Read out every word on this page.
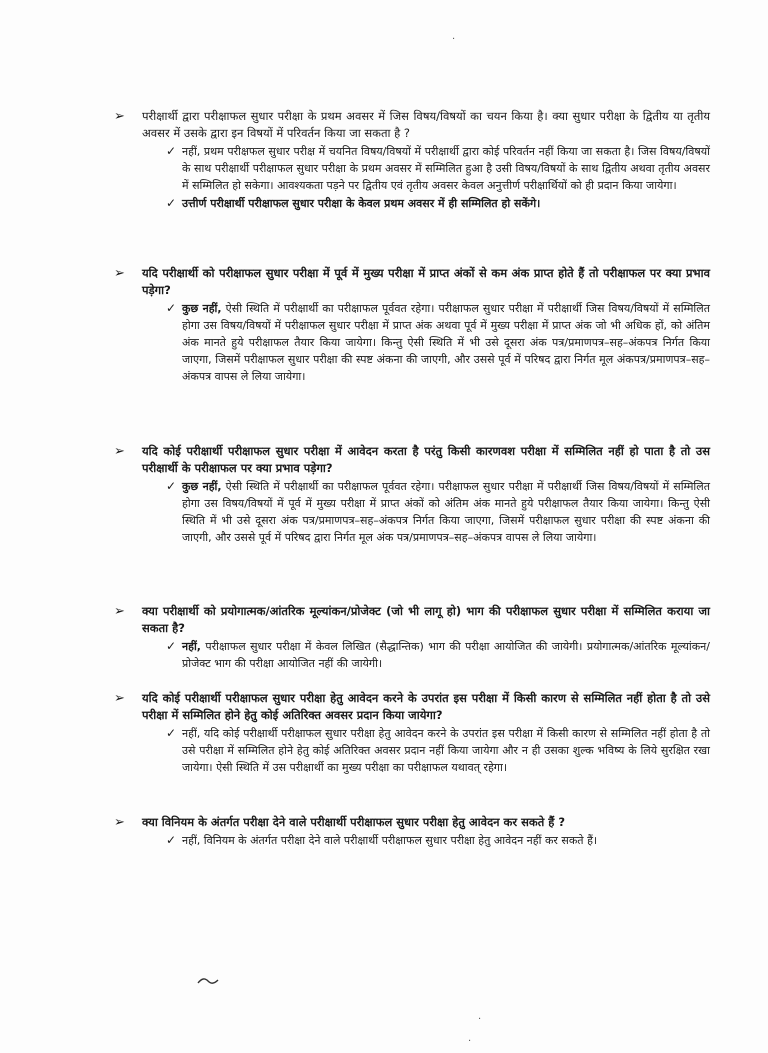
·
➢ परीक्षार्थी द्वारा परीक्षाफल सुधार परीक्षा के प्रथम अवसर में जिस विषय/विषयों का चयन किया है। क्या सुधार परीक्षा के द्वितीय या तृतीय अवसर में उसके द्वारा इन विषयों में परिवर्तन किया जा सकता है ?
✓ नहीं, प्रथम परीक्षफल सुधार परीक्ष में चयनित विषय/विषयों में परीक्षार्थी द्वारा कोई परिवर्तन नहीं किया जा सकता है। जिस विषय/विषयों के साथ परीक्षार्थी परीक्षाफल सुधार परीक्षा के प्रथम अवसर में सम्मिलित हुआ है उसी विषय/विषयों के साथ द्वितीय अथवा तृतीय अवसर में सम्मिलित हो सकेगा। आवश्यकता पड़ने पर द्वितीय एवं तृतीय अवसर केवल अनुत्तीर्ण परीक्षार्थियों को ही प्रदान किया जायेगा।
✓ उत्तीर्ण परीक्षार्थी परीक्षाफल सुधार परीक्षा के केवल प्रथम अवसर में ही सम्मिलित हो सकेंगे।
➢ यदि परीक्षार्थी को परीक्षाफल सुधार परीक्षा में पूर्व में मुख्य परीक्षा में प्राप्त अंकों से कम अंक प्राप्त होते हैं तो परीक्षाफल पर क्या प्रभाव पड़ेगा?
✓ कुछ नहीं, ऐसी स्थिति में परीक्षार्थी का परीक्षाफल पूर्ववत रहेगा। परीक्षाफल सुधार परीक्षा में परीक्षार्थी जिस विषय/विषयों में सम्मिलित होगा उस विषय/विषयों में परीक्षाफल सुधार परीक्षा में प्राप्त अंक अथवा पूर्व में मुख्य परीक्षा में प्राप्त अंक जो भी अधिक हों, को अंतिम अंक मानते हुये परीक्षाफल तैयार किया जायेगा। किन्तु ऐसी स्थिति में भी उसे दूसरा अंक पत्र/प्रमाणपत्र–सह–अंकपत्र निर्गत किया जाएगा, जिसमें परीक्षाफल सुधार परीक्षा की स्पष्ट अंकना की जाएगी, और उससे पूर्व में परिषद द्वारा निर्गत मूल अंकपत्र/प्रमाणपत्र–सह–अंकपत्र वापस ले लिया जायेगा।
➢ यदि कोई परीक्षार्थी परीक्षाफल सुधार परीक्षा में आवेदन करता है परंतु किसी कारणवश परीक्षा में सम्मिलित नहीं हो पाता है तो उस परीक्षार्थी के परीक्षाफल पर क्या प्रभाव पड़ेगा?
✓ कुछ नहीं, ऐसी स्थिति में परीक्षार्थी का परीक्षाफल पूर्ववत रहेगा। परीक्षाफल सुधार परीक्षा में परीक्षार्थी जिस विषय/विषयों में सम्मिलित होगा उस विषय/विषयों में पूर्व में मुख्य परीक्षा में प्राप्त अंकों को अंतिम अंक मानते हुये परीक्षाफल तैयार किया जायेगा। किन्तु ऐसी स्थिति में भी उसे दूसरा अंक पत्र/प्रमाणपत्र–सह–अंकपत्र निर्गत किया जाएगा, जिसमें परीक्षाफल सुधार परीक्षा की स्पष्ट अंकना की जाएगी, और उससे पूर्व में परिषद द्वारा निर्गत मूल अंक पत्र/प्रमाणपत्र–सह–अंकपत्र वापस ले लिया जायेगा।
➢ क्या परीक्षार्थी को प्रयोगात्मक/आंतरिक मूल्यांकन/प्रोजेक्ट (जो भी लागू हो) भाग की परीक्षाफल सुधार परीक्षा में सम्मिलित कराया जा सकता है?
✓ नहीं, परीक्षाफल सुधार परीक्षा में केवल लिखित (सैद्धान्तिक) भाग की परीक्षा आयोजित की जायेगी। प्रयोगात्मक/आंतरिक मूल्यांकन/प्रोजेक्ट भाग की परीक्षा आयोजित नहीं की जायेगी।
➢ यदि कोई परीक्षार्थी परीक्षाफल सुधार परीक्षा हेतु आवेदन करने के उपरांत इस परीक्षा में किसी कारण से सम्मिलित नहीं होता है तो उसे परीक्षा में सम्मिलित होने हेतु कोई अतिरिक्त अवसर प्रदान किया जायेगा?
✓ नहीं, यदि कोई परीक्षार्थी परीक्षाफल सुधार परीक्षा हेतु आवेदन करने के उपरांत इस परीक्षा में किसी कारण से सम्मिलित नहीं होता है तो उसे परीक्षा में सम्मिलित होने हेतु कोई अतिरिक्त अवसर प्रदान नहीं किया जायेगा और न ही उसका शुल्क भविष्य के लिये सुरक्षित रखा जायेगा। ऐसी स्थिति में उस परीक्षार्थी का मुख्य परीक्षा का परीक्षाफल यथावत् रहेगा।
➢ क्या विनियम के अंतर्गत परीक्षा देने वाले परीक्षार्थी परीक्षाफल सुधार परीक्षा हेतु आवेदन कर सकते हैं ?
✓ नहीं, विनियम के अंतर्गत परीक्षा देने वाले परीक्षार्थी परीक्षाफल सुधार परीक्षा हेतु आवेदन नहीं कर सकते हैं।
·
·
